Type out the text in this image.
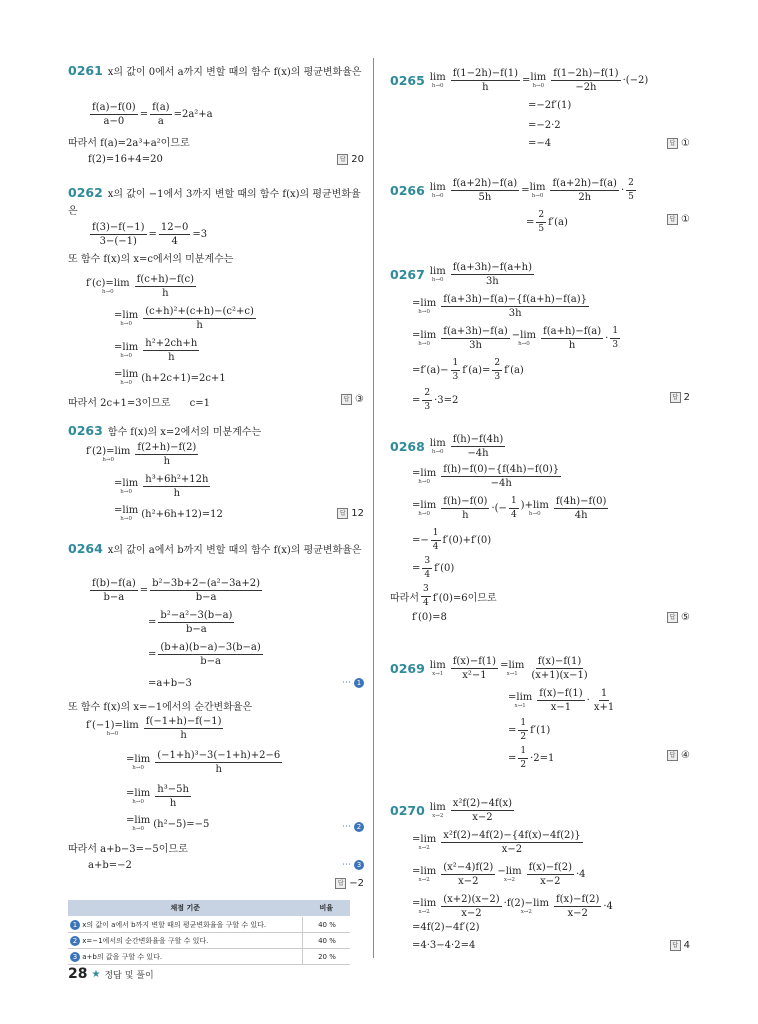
0261 x의 값이 0에서 a까지 변할 때의 함수 f(x)의 평균변화율은
$\frac{f(a)-f(0)}{a-0} = \frac{f(a)}{a} =2a^2+a$
따라서 f(a)=2a³+a²이므로
f(2)=16+4=20	답 20
0262 x의 값이 −1에서 3까지 변할 때의 함수 f(x)의 평균변화율은
$\frac{f(3)-f(-1)}{3-(-1)} = \frac{12-0}{4} =3$
또 함수 f(x)의 x=c에서의 미분계수는
f′(c)=lim
$h\to 0 \frac{f(c+h)-f(c)}{h}$
=lim
$h\to 0 \frac{\text{(c+h)²+(c+h)−(c²+c)}}{h}$
=lim
$h\to 0 \frac{\text{h²+2ch+h}}{h}$
=lim
h→0 (h+2c+1)=2c+1
따라서 2c+1=3이므로      c=1	답 ③
0263 함수 f(x)의 x=2에서의 미분계수는
f′(2)=lim
$h\to 0 \frac{f(2+h)-f(2)}{h}$
=lim
$h\to 0 \frac{\text{h³+6h²+12h}}{h}$
=lim
h→0 (h²+6h+12)=12	답 12
0264 x의 값이 a에서 b까지 변할 때의 함수 f(x)의 평균변화율은
$\frac{f(b)-f(a)}{b-a} = \frac{\text{b²−3b+2−(a²−3a+2)}}{b-a}$
= $\frac{\text{b²−a²−3(b−a)}}{b-a}$
= $\frac{(b+a)(b-a)-3(b-a)}{b-a}$
=a+b−3	⋯ 1
또 함수 f(x)의 x=−1에서의 순간변화율은
f′(−1)=lim
h→0	$\frac{f(-1+h)-f(-1)}{h}$
=lim
$h\to 0 \frac{\text{(−1+h)³−3(−1+h)+2−6}}{h}$
=lim
$h\to 0 \frac{\text{h³−5h}}{h}$
=lim
h→0 (h²−5)=−5	⋯ 2
따라서 a+b−3=−5이므로
a+b=−2	⋯ 3
답 −2
채점 기준	비율
1 x의 값이 a에서 b까지 변할 때의 평균변화율을 구할 수 있다.	40 %
2 x=−1에서의 순간변화율을 구할 수 있다.	40 %
3 a+b의 값을 구할 수 있다.	20 %
0265 lim
$h\to 0 \frac{f(1-2h)-f(1)}{h} = \lim$
$h\to 0 \frac{f(1-2h)-f(1)}{-2h} \cdot(-2)$
=−2f′(1)
=−2·2
=−4	답 ①
0266 lim
$h\to 0 \frac{f(a+2h)-f(a)}{5h} = \lim$
$h\to 0 \frac{f(a+2h)-f(a)}{2h} \cdot \frac{2}{5}$
= $\frac{2}{5} f'(a)$	답 ①
0267 lim
$h\to 0 \frac{f(a+3h)-f(a+h)}{3h}$
=lim
$h\to 0 \frac{f(a+3h)-f(a)-\{f(a+h)-f(a)\}}{3h}$
=lim
$h\to 0 \frac{f(a+3h)-f(a)}{3h} -\lim$
$h\to 0 \frac{f(a+h)-f(a)}{h} \cdot \frac{1}{3}$
$=f'(a)- \frac{1}{3} f'(a)= \frac{2}{3} f'(a)$
= $\frac{2}{3} \cdot 3=2$	답 2
0268 lim
$h\to 0 \frac{f(h)-f(4h)}{-4h}$
=lim
$h\to 0 \frac{f(h)-f(0)-\{f(4h)-f(0)\}}{-4h}$
=lim
$h\to 0 \frac{f(h)-f(0)}{h}$ ·(− $\frac{1}{4} )+\lim$
$h\to 0 \frac{f(4h)-f(0)}{4h}$
=− $\frac{1}{4} f'(0)+f'(0)$
= $\frac{3}{4} f'(0)$
따라서 $\frac{3}{4} f'(0)=6$이므로
f′(0)=8	답 ⑤
0269 lim
$x\to 1 \frac{f(x)-f(1)}{\text{x²−1}} =\lim$
$x\to 1 \frac{f(x)-f(1)}{(x+1)(x-1)}$
=lim
$x\to 1 \frac{f(x)-f(1)}{x-1} \cdot \frac{1}{x+1}$
= $\frac{1}{2} f'(1)$
= $\frac{1}{2} \cdot 2=1$	답 ④
0270 lim
$x\to 2 \frac{\text{x²f(2)−4f(x)}}{x-2}$
=lim
$x\to 2 \frac{\text{x²f(2)−4f(2)−\{4f(x)−4f(2)\}}}{x-2}$
=lim
$x\to 2 \frac{\text{(x²−4)f(2)}}{x-2} -\lim$
$x\to 2 \frac{f(x)-f(2)}{x-2} \cdot 4$
=lim
$x\to 2 \frac{(x+2)(x-2)}{x-2} \cdot f(2)-\lim$
$x\to 2 \frac{f(x)-f(2)}{x-2} \cdot 4$
=4f(2)−4f′(2)
=4·3−4·2=4	답 4
28 ★ 정답 및 풀이
